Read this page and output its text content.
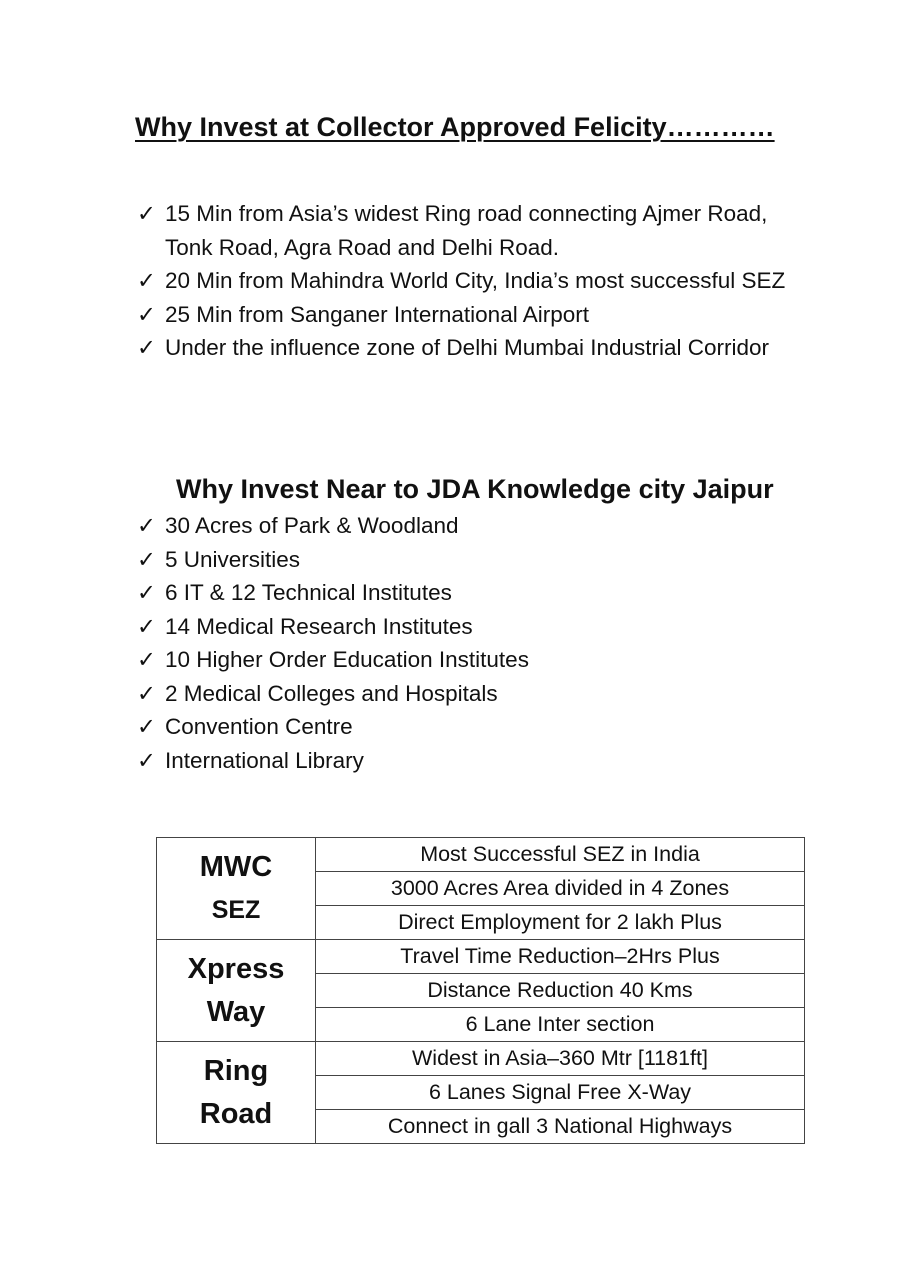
Why Invest at Collector Approved Felicity…………
✓ 15 Min from Asia’s widest Ring road connecting Ajmer Road, Tonk Road, Agra Road and Delhi Road.
✓ 20 Min from Mahindra World City, India’s most successful SEZ
✓ 25 Min from Sanganer International Airport
✓ Under the influence zone of Delhi Mumbai Industrial Corridor
Why Invest Near to JDA Knowledge city Jaipur
✓ 30 Acres of Park & Woodland
✓ 5 Universities
✓ 6 IT & 12 Technical Institutes
✓ 14 Medical Research Institutes
✓ 10 Higher Order Education Institutes
✓ 2 Medical Colleges and Hospitals
✓ Convention Centre
✓ International Library
MWC
SEZ	Most Successful SEZ in India
	3000 Acres Area divided in 4 Zones
	Direct Employment for 2 lakh Plus

Xpress
Way	Travel Time Reduction–2Hrs Plus
	Distance Reduction 40 Kms
	6 Lane Inter section

Ring
Road	Widest in Asia–360 Mtr [1181ft]
	6 Lanes Signal Free X-Way
	Connect in gall 3 National Highways
